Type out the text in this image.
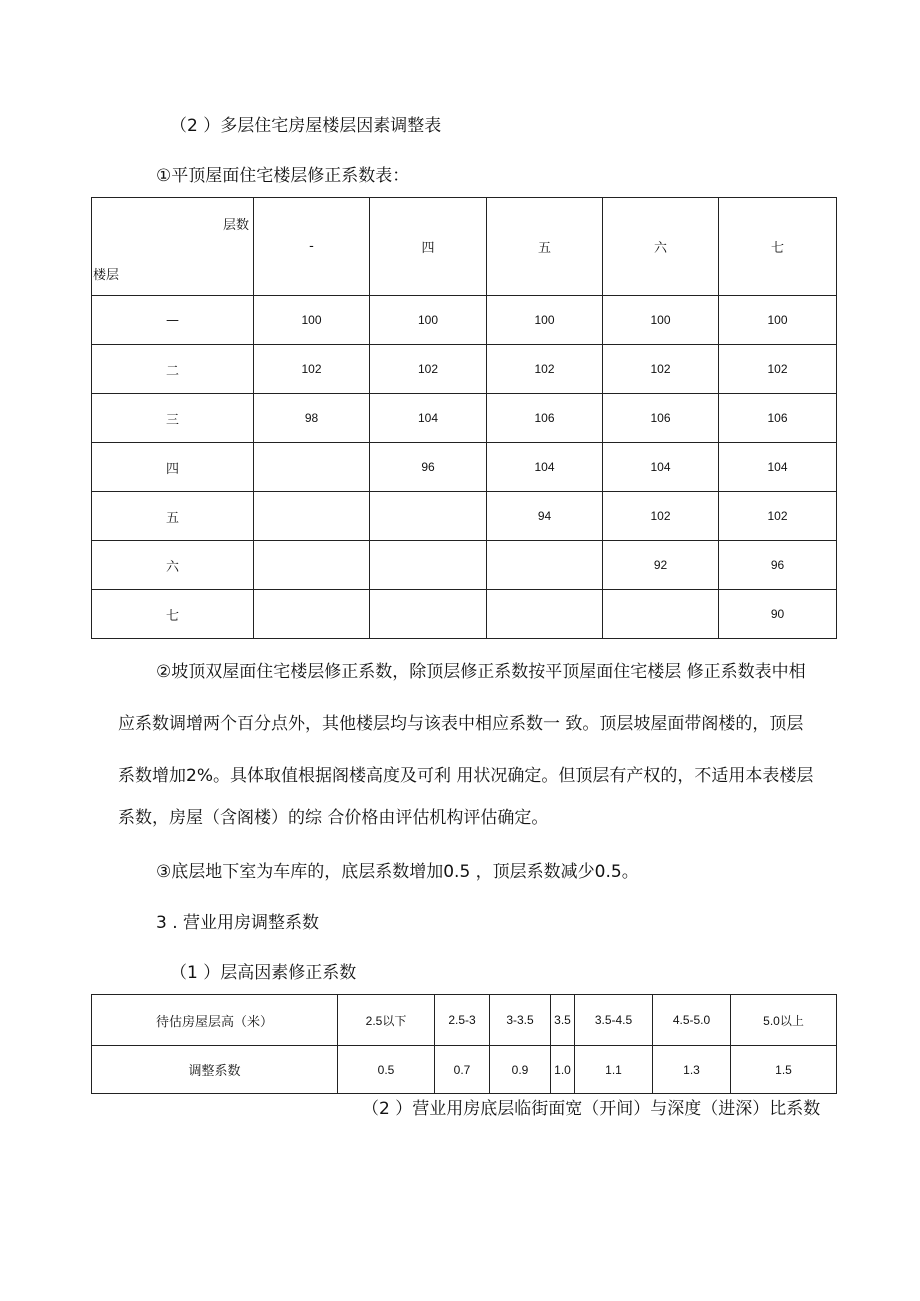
（2 ）多层住宅房屋楼层因素调整表
①平顶屋面住宅楼层修正系数表：
层数
楼层	-	四	五	六	七
—	100	100	100	100	100
二	102	102	102	102	102
三	98	104	106	106	106
四		96	104	104	104
五			94	102	102
六				92	96
七					90
②坡顶双屋面住宅楼层修正系数，除顶层修正系数按平顶屋面住宅楼层 修正系数表中相
应系数调增两个百分点外，其他楼层均与该表中相应系数一 致。顶层坡屋面带阁楼的，顶层
系数增加2%。具体取值根据阁楼高度及可利 用状况确定。但顶层有产权的，不适用本表楼层
系数，房屋（含阁楼）的综 合价格由评估机构评估确定。
③底层地下室为车库的，底层系数增加0.5 ，顶层系数减少0.5。
3 . 营业用房调整系数
（1 ）层高因素修正系数
待估房屋层高（米）	2.5以下	2.5-3	3-3.5	3.5	3.5-4.5	4.5-5.0	5.0以上
调整系数	0.5	0.7	0.9	1.0	1.1	1.3	1.5
（2 ）营业用房底层临街面宽（开间）与深度（进深）比系数
